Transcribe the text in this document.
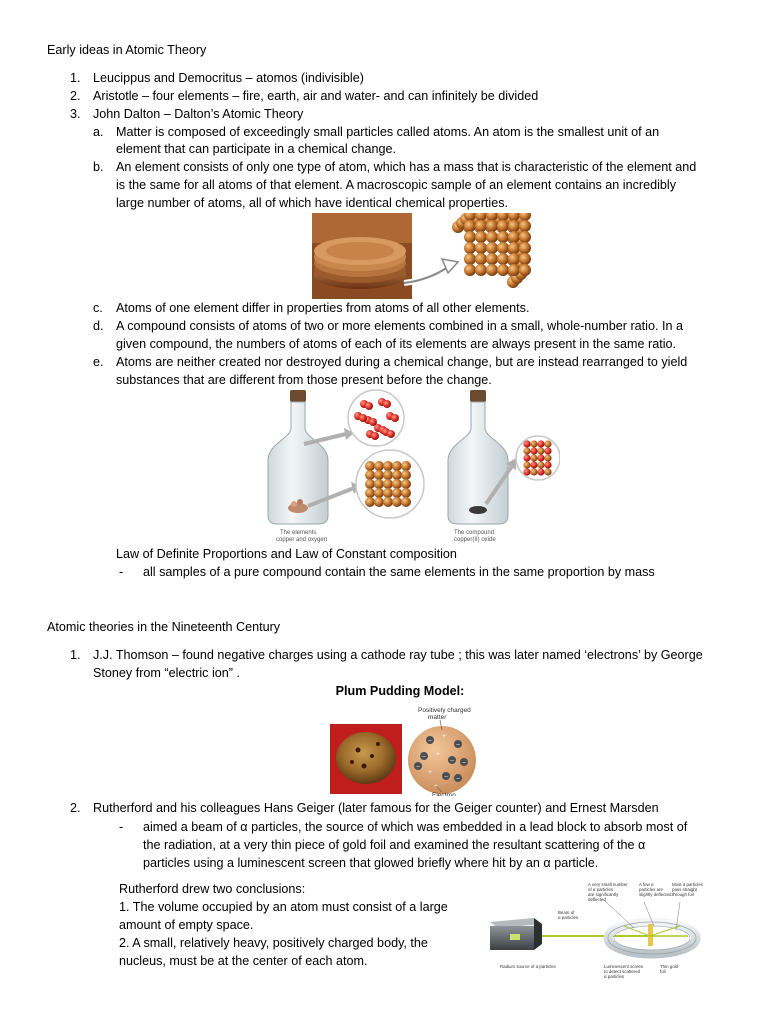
Early ideas in Atomic Theory
1. Leucippus and Democritus – atomos (indivisible)
2. Aristotle – four elements – fire, earth, air and water- and can infinitely be divided
3. John Dalton – Dalton’s Atomic Theory
a. Matter is composed of exceedingly small particles called atoms. An atom is the smallest unit of an
element that can participate in a chemical change.
b. An element consists of only one type of atom, which has a mass that is characteristic of the element and
is the same for all atoms of that element. A macroscopic sample of an element contains an incredibly
large number of atoms, all of which have identical chemical properties.
c. Atoms of one element differ in properties from atoms of all other elements.
d. A compound consists of atoms of two or more elements combined in a small, whole-number ratio. In a
given compound, the numbers of atoms of each of its elements are always present in the same ratio.
e. Atoms are neither created nor destroyed during a chemical change, but are instead rearranged to yield
substances that are different from those present before the change.
The elements
copper and oxygen
The compound
copper(II) oxide
Law of Definite Proportions and Law of Constant composition
- all samples of a pure compound contain the same elements in the same proportion by mass
Atomic theories in the Nineteenth Century
1. J.J. Thomson – found negative charges using a cathode ray tube ; this was later named ‘electrons’ by George
Stoney from “electric ion” .
Plum Pudding Model:
–
+
–
– +
– –
+
– –
+
–
Positively charged
matter
Electron
2. Rutherford and his colleagues Hans Geiger (later famous for the Geiger counter) and Ernest Marsden
- aimed a beam of α particles, the source of which was embedded in a lead block to absorb most of
the radiation, at a very thin piece of gold foil and examined the resultant scattering of the α
particles using a luminescent screen that glowed briefly where hit by an α particle.
Rutherford drew two conclusions:
1. The volume occupied by an atom must consist of a large
amount of empty space.
2. A small, relatively heavy, positively charged body, the
nucleus, must be at the center of each atom.
A very small number
of α particles
are significantly
deflected
A few α
particles are
slightly deflected
Most α particles
pass straight
through foil
Beam of
α particles
Radium source of α particles	Luminescent screen
to detect scattered
α particles
Thin gold
foil
